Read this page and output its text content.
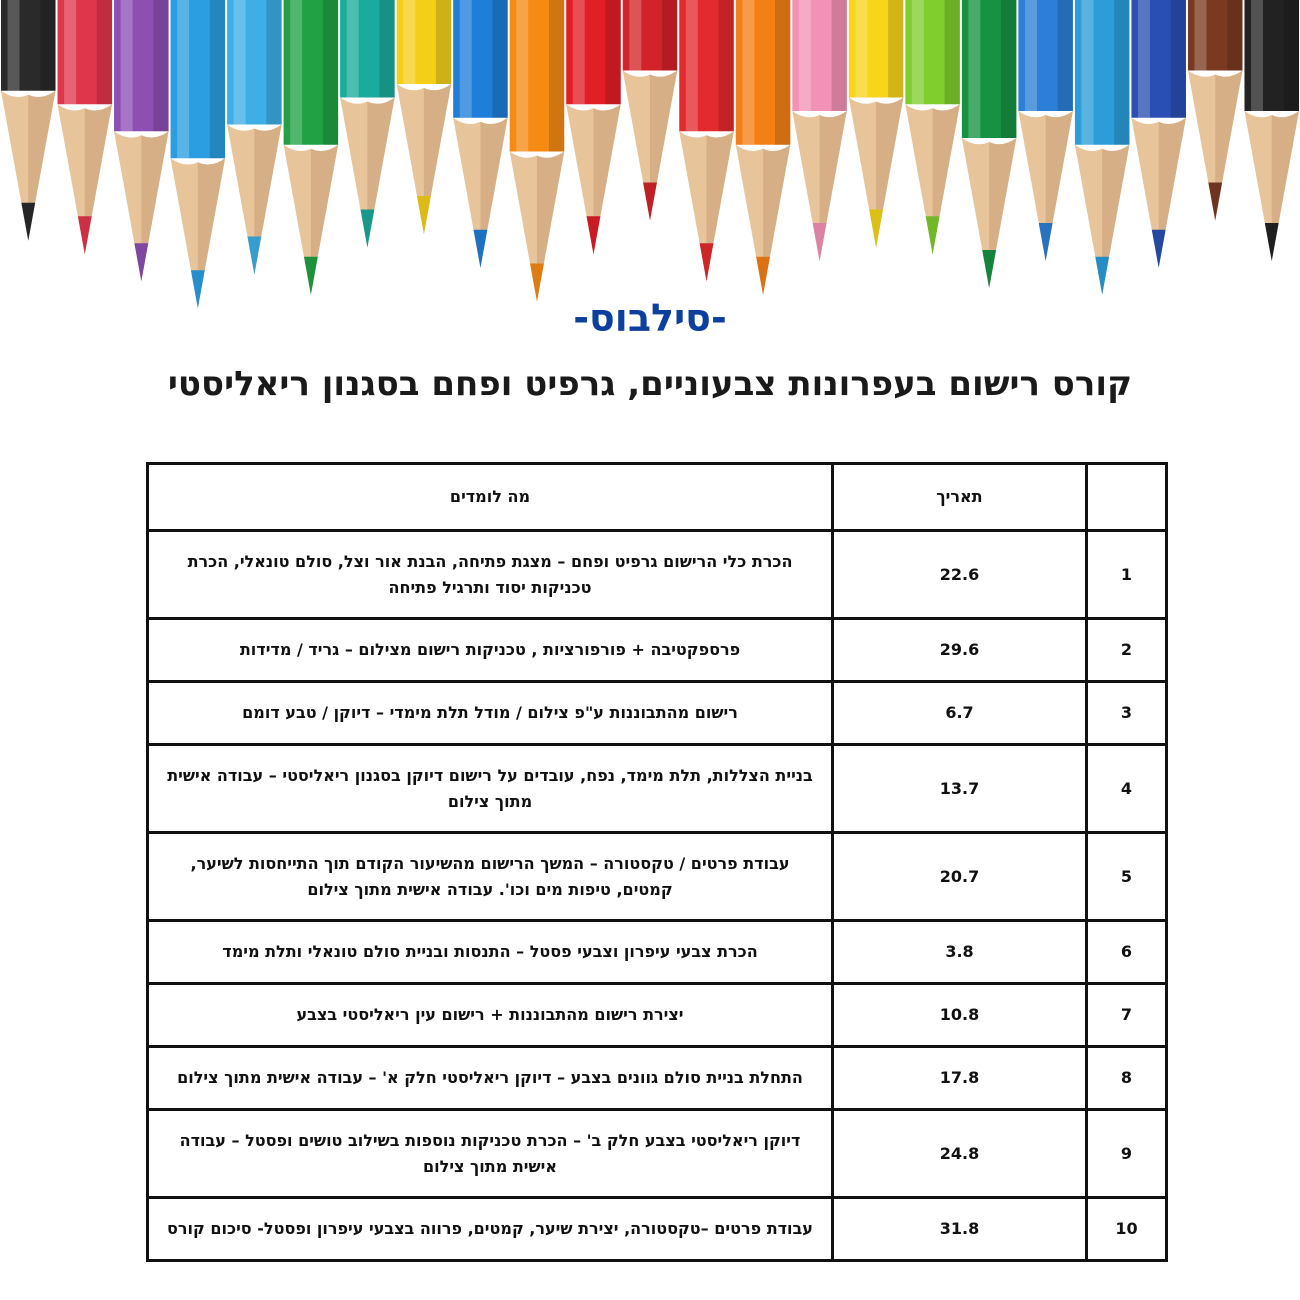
-סילבוס-
קורס רישום בעפרונות צבעוניים, גרפיט ופחם בסגנון ריאליסטי
	תאריך	מה לומדים
1	22.6	הכרת כלי הרישום גרפיט ופחם – מצגת פתיחה, הבנת אור וצל, סולם טונאלי, הכרת טכניקות יסוד ותרגיל פתיחה
2	29.6	פרספקטיבה + פורפורציות , טכניקות רישום מצילום – גריד / מדידות
3	6.7	רישום מהתבוננות ע"פ צילום / מודל תלת מימדי – דיוקן / טבע דומם
4	13.7	בניית הצללות, תלת מימד, נפח, עובדים על רישום דיוקן בסגנון ריאליסטי – עבודה אישית מתוך צילום
5	20.7	עבודת פרטים / טקסטורה – המשך הרישום מהשיעור הקודם תוך התייחסות לשיער, קמטים, טיפות מים וכו'. עבודה אישית מתוך צילום
6	3.8	הכרת צבעי עיפרון וצבעי פסטל – התנסות ובניית סולם טונאלי ותלת מימד
7	10.8	יצירת רישום מהתבוננות + רישום עין ריאליסטי בצבע
8	17.8	התחלת בניית סולם גוונים בצבע – דיוקן ריאליסטי חלק א' – עבודה אישית מתוך צילום
9	24.8	דיוקן ריאליסטי בצבע חלק ב' – הכרת טכניקות נוספות בשילוב טושים ופסטל – עבודה אישית מתוך צילום
10	31.8	עבודת פרטים –טקסטורה, יצירת שיער, קמטים, פרווה בצבעי עיפרון ופסטל- סיכום קורס
